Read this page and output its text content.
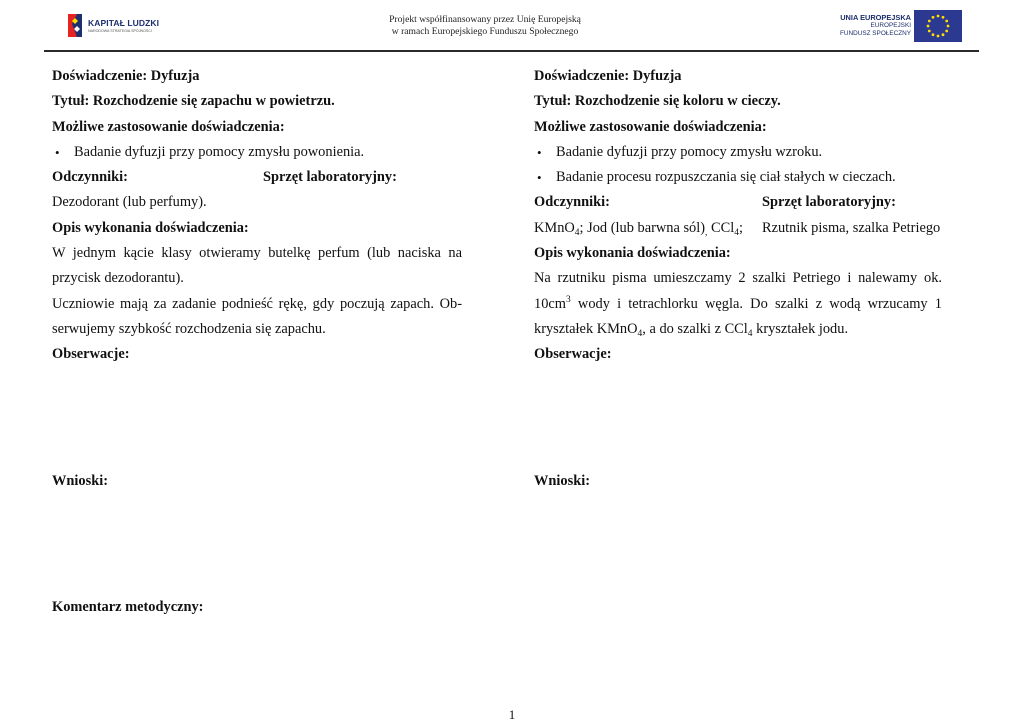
KAPITAŁ LUDZKI
NARODOWA STRATEGIA SPÓJNOŚCI
Projekt współfinansowany przez Unię Europejską
w ramach Europejskiego Funduszu Społecznego
UNIA EUROPEJSKA
EUROPEJSKI
FUNDUSZ SPOŁECZNY
Doświadczenie: Dyfuzja
Tytuł: Rozchodzenie się zapachu w powietrzu.
Możliwe zastosowanie doświadczenia:
• Badanie dyfuzji przy pomocy zmysłu powonienia.
Odczynniki:	Sprzęt laboratoryjny:
Dezodorant (lub perfumy).
Opis wykonania doświadczenia:
W jednym kącie klasy otwieramy butelkę perfum (lub naciska na
przycisk dezodorantu).
Uczniowie mają za zadanie podnieść rękę, gdy poczują zapach. Ob-
serwujemy szybkość rozchodzenia się zapachu.
Obserwacje:
Wnioski:
Komentarz metodyczny:
Doświadczenie: Dyfuzja
Tytuł: Rozchodzenie się koloru w cieczy.
Możliwe zastosowanie doświadczenia:
• Badanie dyfuzji przy pomocy zmysłu wzroku.
• Badanie procesu rozpuszczania się ciał stałych w cieczach.
Odczynniki:	Sprzęt laboratoryjny:
KMnO$_4$; Jod (lub barwna $sól)_,$ CCl$_4$; Rzutnik pisma, szalka Petriego
Opis wykonania doświadczenia:
Na rzutniku pisma umieszczamy 2 szalki Petriego i nalewamy ok.
$10cm^3$ wody i tetrachlorku węgla. Do szalki z wodą wrzucamy 1
kryształek KMnO$_4$, a do szalki z CCl$_4$ kryształek jodu.
Obserwacje:
Wnioski:
1
